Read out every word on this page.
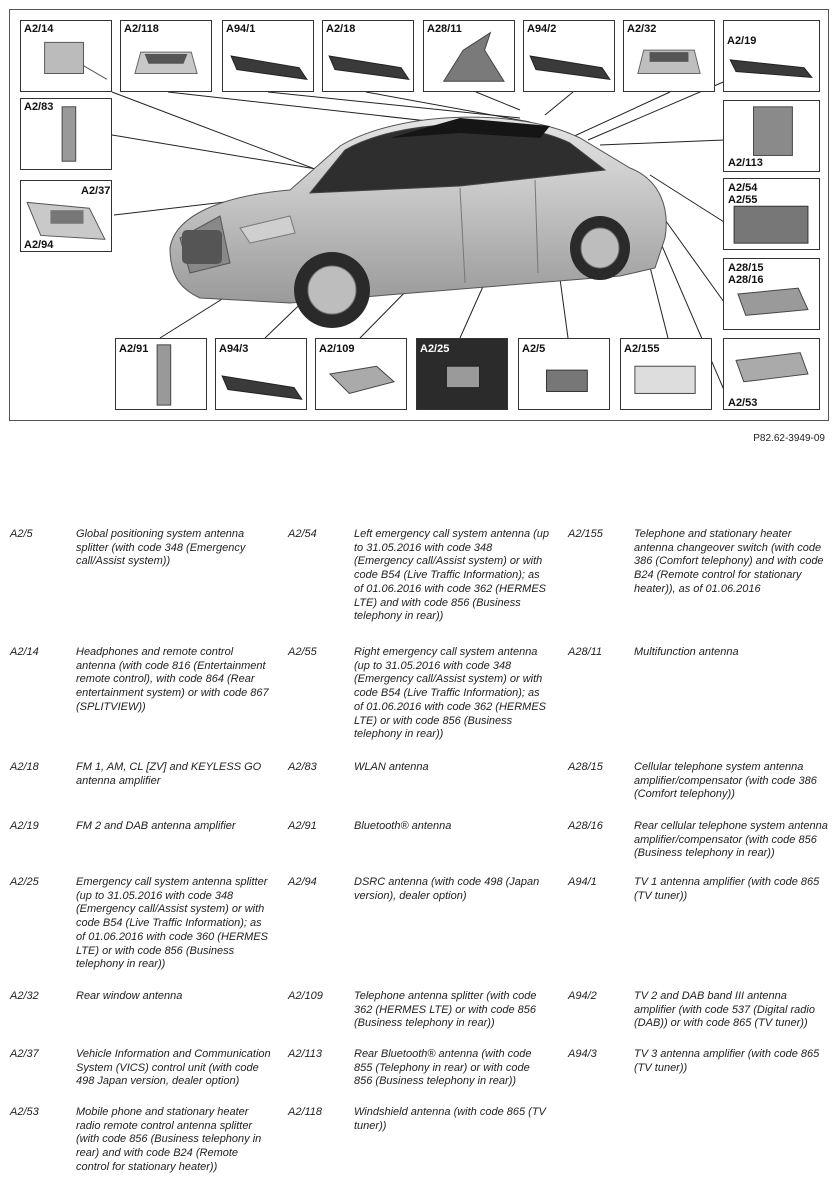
A2/14	A2/118	A94/1	A2/18	A28/11	A94/2	A2/32
A2/19
A2/83
A2/113
A2/37
A2/94
A2/54
A2/55
A28/15
A28/16
A2/91	A94/3	A2/109	A2/25	A2/5	A2/155
A2/53
P82.62-3949-09
A2/5	Global positioning system antenna splitter (with code 348 (Emergency call/Assist system))
A2/14	Headphones and remote control antenna (with code 816 (Entertainment remote control), with code 864 (Rear entertainment system) or with code 867 (SPLITVIEW))
A2/18	FM 1, AM, CL [ZV] and KEYLESS GO antenna amplifier
A2/19	FM 2 and DAB antenna amplifier
A2/25	Emergency call system antenna splitter (up to 31.05.2016 with code 348 (Emergency call/Assist system) or with code B54 (Live Traffic Information); as of 01.06.2016 with code 360 (HERMES LTE) or with code 856 (Business telephony in rear))
A2/32	Rear window antenna
A2/37	Vehicle Information and Communication System (VICS) control unit (with code 498 Japan version, dealer option)
A2/53	Mobile phone and stationary heater radio remote control antenna splitter (with code 856 (Business telephony in rear) and with code B24 (Remote control for stationary heater))
A2/54	Left emergency call system antenna (up to 31.05.2016 with code 348 (Emergency call/Assist system) or with code B54 (Live Traffic Information); as of 01.06.2016 with code 362 (HERMES LTE) and with code 856 (Business telephony in rear))
A2/55	Right emergency call system antenna (up to 31.05.2016 with code 348 (Emergency call/Assist system) or with code B54 (Live Traffic Information); as of 01.06.2016 with code 362 (HERMES LTE) or with code 856 (Business telephony in rear))
A2/83	WLAN antenna
A2/91	Bluetooth® antenna
A2/94	DSRC antenna (with code 498 (Japan version), dealer option)
A2/109	Telephone antenna splitter (with code 362 (HERMES LTE) or with code 856 (Business telephony in rear))
A2/113	Rear Bluetooth® antenna (with code 855 (Telephony in rear) or with code 856 (Business telephony in rear))
A2/118	Windshield antenna (with code 865 (TV tuner))
A2/155	Telephone and stationary heater antenna changeover switch (with code 386 (Comfort telephony) and with code B24 (Remote control for stationary heater)), as of 01.06.2016
A28/11	Multifunction antenna
A28/15	Cellular telephone system antenna amplifier/compensator (with code 386 (Comfort telephony))
A28/16	Rear cellular telephone system antenna amplifier/compensator (with code 856 (Business telephony in rear))
A94/1	TV 1 antenna amplifier (with code 865 (TV tuner))
A94/2	TV 2 and DAB band III antenna amplifier (with code 537 (Digital radio (DAB)) or with code 865 (TV tuner))
A94/3	TV 3 antenna amplifier (with code 865 (TV tuner))
